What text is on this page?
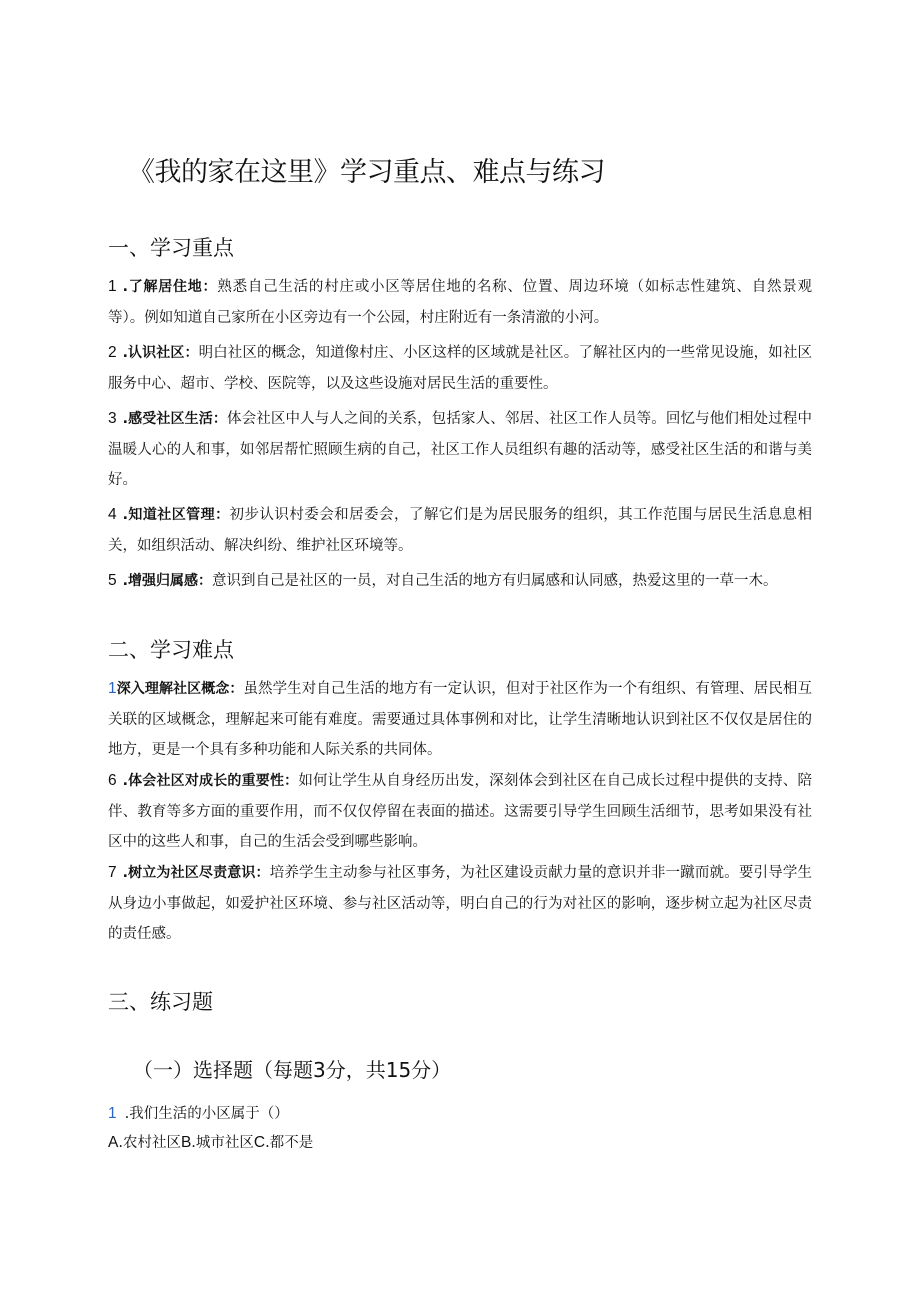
《我的家在这里》学习重点、难点与练习
一、学习重点
1 .了解居住地：熟悉自己生活的村庄或小区等居住地的名称、位置、周边环境（如标志性建筑、自然景观等）。例如知道自己家所在小区旁边有一个公园，村庄附近有一条清澈的小河。
2 .认识社区：明白社区的概念，知道像村庄、小区这样的区域就是社区。了解社区内的一些常见设施，如社区服务中心、超市、学校、医院等，以及这些设施对居民生活的重要性。
3 .感受社区生活：体会社区中人与人之间的关系，包括家人、邻居、社区工作人员等。回忆与他们相处过程中温暖人心的人和事，如邻居帮忙照顾生病的自己，社区工作人员组织有趣的活动等，感受社区生活的和谐与美好。
4 .知道社区管理：初步认识村委会和居委会，了解它们是为居民服务的组织，其工作范围与居民生活息息相关，如组织活动、解决纠纷、维护社区环境等。
5 .增强归属感：意识到自己是社区的一员，对自己生活的地方有归属感和认同感，热爱这里的一草一木。
二、学习难点
1深入理解社区概念：虽然学生对自己生活的地方有一定认识，但对于社区作为一个有组织、有管理、居民相互关联的区域概念，理解起来可能有难度。需要通过具体事例和对比，让学生清晰地认识到社区不仅仅是居住的地方，更是一个具有多种功能和人际关系的共同体。
6 .体会社区对成长的重要性：如何让学生从自身经历出发，深刻体会到社区在自己成长过程中提供的支持、陪伴、教育等多方面的重要作用，而不仅仅停留在表面的描述。这需要引导学生回顾生活细节，思考如果没有社区中的这些人和事，自己的生活会受到哪些影响。
7 .树立为社区尽责意识：培养学生主动参与社区事务，为社区建设贡献力量的意识并非一蹴而就。要引导学生从身边小事做起，如爱护社区环境、参与社区活动等，明白自己的行为对社区的影响，逐步树立起为社区尽责的责任感。
三、练习题
（一）选择题（每题3分，共15分）
1 .我们生活的小区属于（）
A.农村社区B.城市社区C.都不是
